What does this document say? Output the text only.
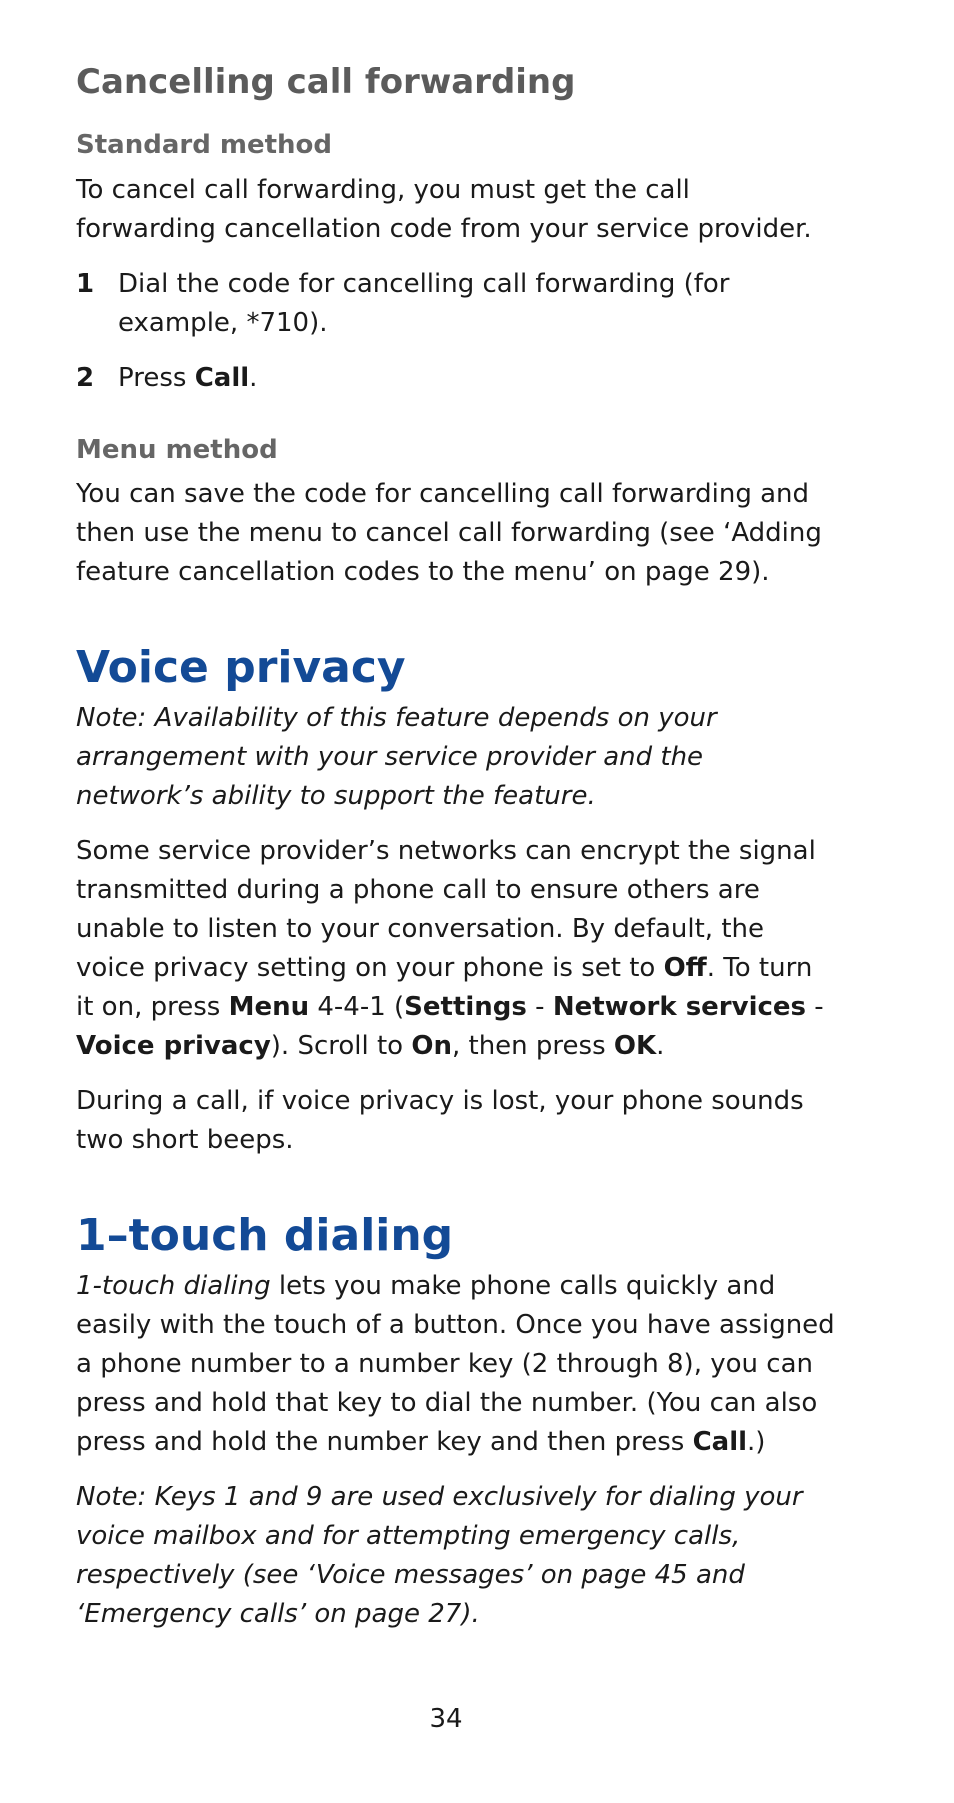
Cancelling call forwarding
Standard method

To cancel call forwarding, you must get the call forwarding cancellation code from your service provider.

1 Dial the code for cancelling call forwarding (for example, *710).
2 Press Call.
Menu method

You can save the code for cancelling call forwarding and then use the menu to cancel call forwarding (see ‘Adding feature cancellation codes to the menu’ on page 29).

Voice privacy

Note: Availability of this feature depends on your arrangement with your service provider and the network’s ability to support the feature.

Some service provider’s networks can encrypt the signal transmitted during a phone call to ensure others are unable to listen to your conversation. By default, the voice privacy setting on your phone is set to Off. To turn it on, press Menu 4-4-1 (Settings - Network services - Voice privacy). Scroll to On, then press OK.

During a call, if voice privacy is lost, your phone sounds two short beeps.

1–touch dialing

1-touch dialing lets you make phone calls quickly and easily with the touch of a button. Once you have assigned a phone number to a number key (2 through 8), you can press and hold that key to dial the number. (You can also press and hold the number key and then press Call.)

Note: Keys 1 and 9 are used exclusively for dialing your voice mailbox and for attempting emergency calls, respectively (see ‘Voice messages’ on page 45 and ‘Emergency calls’ on page 27).

34
